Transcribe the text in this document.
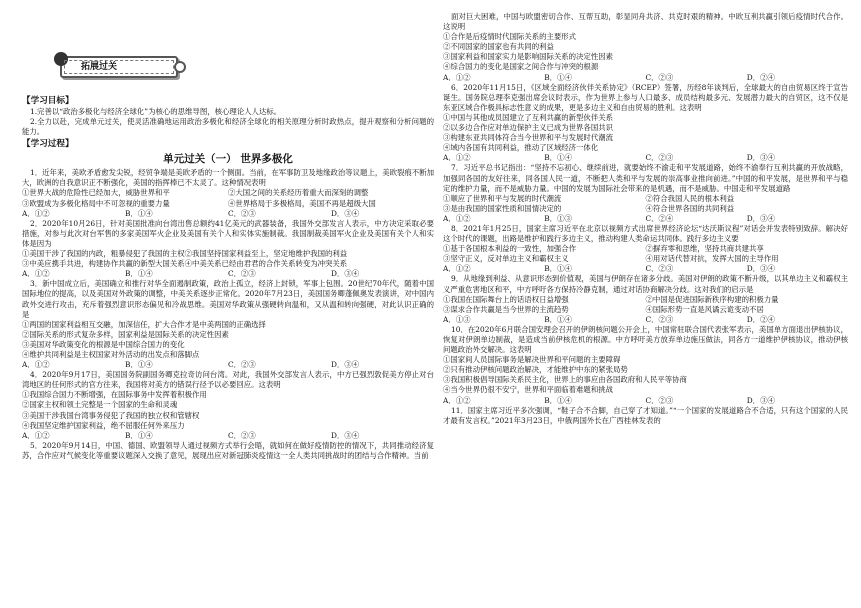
拓展过关
【学习目标】

1.完善以“政治多极化与经济全球化”为核心的思维导图，核心理论人人达标。

2.全力以赴，完成单元过关，使灵活准确地运用政治多极化和经济全球化的相关原理分析时政热点，提升观察和分析问题的能力。

【学习过程】
单元过关（一） 世界多极化

1．近年来，美欧矛盾愈发尖锐，经贸争端是美欧矛盾的一个侧面。当前，在军事防卫及地缘政治等议题上，美欧裂痕不断加大，欧洲的自我意识正不断强化，美国的指挥棒已不太灵了。这种情况表明

①世界大战的危险性已经加大，威胁世界和平	②大国之间的关系经历着重大而深刻的调整
③欧盟成为多极化格局中不可忽视的重要力量	④世界格局于多极格局，美国不再是超级大国
A．①②	B．①④	C．②③	D．③④

2．2020年10月26日，针对美国批准向台湾出售总额约41亿美元的武器装备，我国外交部发言人表示，中方决定采取必要措施，对参与此次对台军售的多家美国军火企业及美国有关个人和实体实施制裁。我国制裁美国军火企业及美国有关个人和实体是因为

①美国干涉了我国的内政，粗暴侵犯了我国的主权②我国坚持国家利益至上，坚定地维护我国的利益

③中美应携手共进，构建协作共赢的新型大国关系④中美关系已经由君君的合作关系转变为冲突关系

A．①②	B．①④	C．②③	D．③④

3．新中国成立后，美国确立和推行对华全面遏制政策，政治上孤立，经济上封锁，军事上包围。20世纪70年代，随着中国国际地位的提高，以及美国对外政策的调整，中美关系逐步正常化。2020年7月23日，美国国务卿蓬佩奥发表演讲，对中国内政外交进行攻击，充斥着强烈意识形态偏见和冷战思维。美国对华政策从强硬转向温和，又从温和转向强硬，对此认识正确的是

①两国的国家利益相互交融，加深信任，扩大合作才是中美两国的正确选择

②国际关系的形式复杂多样，国家利益是国际关系的决定性因素

③美国对华政策变化的根源是中国综合国力的变化

④维护共同利益是主权国家对外活动的出发点和落脚点

A．①②	B．①④	C．②③	D．③④

4．2020年9月17日，美国国务院副国务卿克拉奇访问台湾。对此，我国外交部发言人表示，中方已强烈敦促美方停止对台湾地区的任何形式的官方往来，我国将对美方的错误行径予以必要回应。这表明

①我国综合国力不断增强，在国际事务中发挥着积极作用

②国家主权和领土完整是一个国家的生命和灵魂

③美国干涉我国台湾事务侵犯了我国的独立权和管辖权

④我国坚定维护国家利益，绝不屈服任何外来压力

A．①②	B．①④	C．②③	D．③④

5．2020年9月14日，中国、德国、欧盟领导人通过视频方式举行会晤，就如何在做好疫情防控的情况下，共同推动经济复苏，合作应对气候变化等重要议题深入交换了意见，展现出应对新冠肺炎疫情这一全人类共同挑战时的团结与合作精神。当前

面对巨大困难，中国与欧盟密切合作、互帮互助，彰显同舟共济、共克时艰的精神。中欧互利共赢引领后疫情时代合作。这说明

①合作是后疫情时代国际关系的主要形式

②不同国家的国家也有共同的利益

③国家利益和国家实力是影响国际关系的决定性因素

④综合国力的变化是国家之间合作与冲突的根源

A．①②	B．①④	C．②③	D．②④

6．2020年11月15日，《区域全面经济伙伴关系协定》（RCEP）签署，历经8年谈判后，全球最大的自由贸易区终于宣告诞生。国务院总理李克强出席会议时表示，作为世界上参与人口最多、成员结构最多元、发展潜力最大的自贸区，这不仅是东亚区域合作极具标志性意义的成果，更是多边主义和自由贸易的胜利。这表明

①中国与其他成员国建立了互利共赢的新型伙伴关系

②以多边合作应对单边保护主义已成为世界各国共识

③构建东亚共同体符合当今世界和平与发展时代潮流

④域内各国有共同利益，推动了区域经济一体化

A．①②	B．①④	C．②③	D．③④

7．习近平总书记指出：“坚持不忘初心、继续前进，就要始终不渝走和平发展道路，始终不渝奉行互利共赢的开放战略，加强同各国的友好往来，同各国人民一道，不断把人类和平与发展的崇高事业推向前进。”中国的和平发展，是世界和平与稳定的维护力量，而不是威胁力量。中国的发展为国际社会带来的是机遇，而不是威胁。中国走和平发展道路

①顺应了世界和平与发展的时代潮流	②符合我国人民的根本利益
③是由我国的国家性质和国情决定的	④符合世界各国的共同利益
A．①②	B．①③	C．②④	D．③④

8．2021年1月25日，国家主席习近平在北京以视频方式出席世界经济论坛“达沃斯议程”对话会并发表特别致辞。解决好这个时代的课题，出路是维护和践行多边主义，推动构建人类命运共同体。践行多边主义要

①基于各国根本利益的一致性，加强合作	②摒弃零和思维，坚持共商共建共享
③坚守正义，反对单边主义和霸权主义	④用对话代替对抗，发挥大国的主导作用
A．①②	B．①④	C．②③	D．③④

9．从地缘到利益、从意识形态到价值观，美国与伊朗存在诸多分歧。美国对伊朗的政策不断升级，以其单边主义和霸权主义严重危害地区和平，中方呼吁各方保持冷静克制，通过对话协商解决分歧。这对我们的启示是

①我国在国际舞台上的话语权日益增强	②中国是促进国际新秩序构建的积极力量
③谋求合作共赢是当今世界的主流趋势	④国际形势一直是风谲云诡变动不居
A．①③	B．①④	C．②③	D．②④

10．在2020年6月联合国安理会召开的伊朗核问题公开会上，中国常驻联合国代表张军表示，美国单方面退出伊核协议，恢复对伊朗单边制裁，是造成当前伊核危机的根源。中方呼吁美方放弃单边施压做法，同各方一道维护伊核协议，推动伊核问题政治外交解决。这表明

①国家间人员国际事务是解决世界和平问题的主要障碍

②只有推动伊核问题政治解决，才能维护中东的紧张局势

③我国积极倡导国际关系民主化，世界上的事应由各国政府和人民平等协商

④当今世界仍很不安宁，世界和平面临着难题和挑战

A．①②	B．①④	C．②③	D．③④

11．国家主席习近平多次强调，“鞋子合不合脚，自己穿了才知道。”“一个国家的发展道路合不合适，只有这个国家的人民才最有发言权。”2021年3月23日，中俄两国外长在广西桂林发表的
